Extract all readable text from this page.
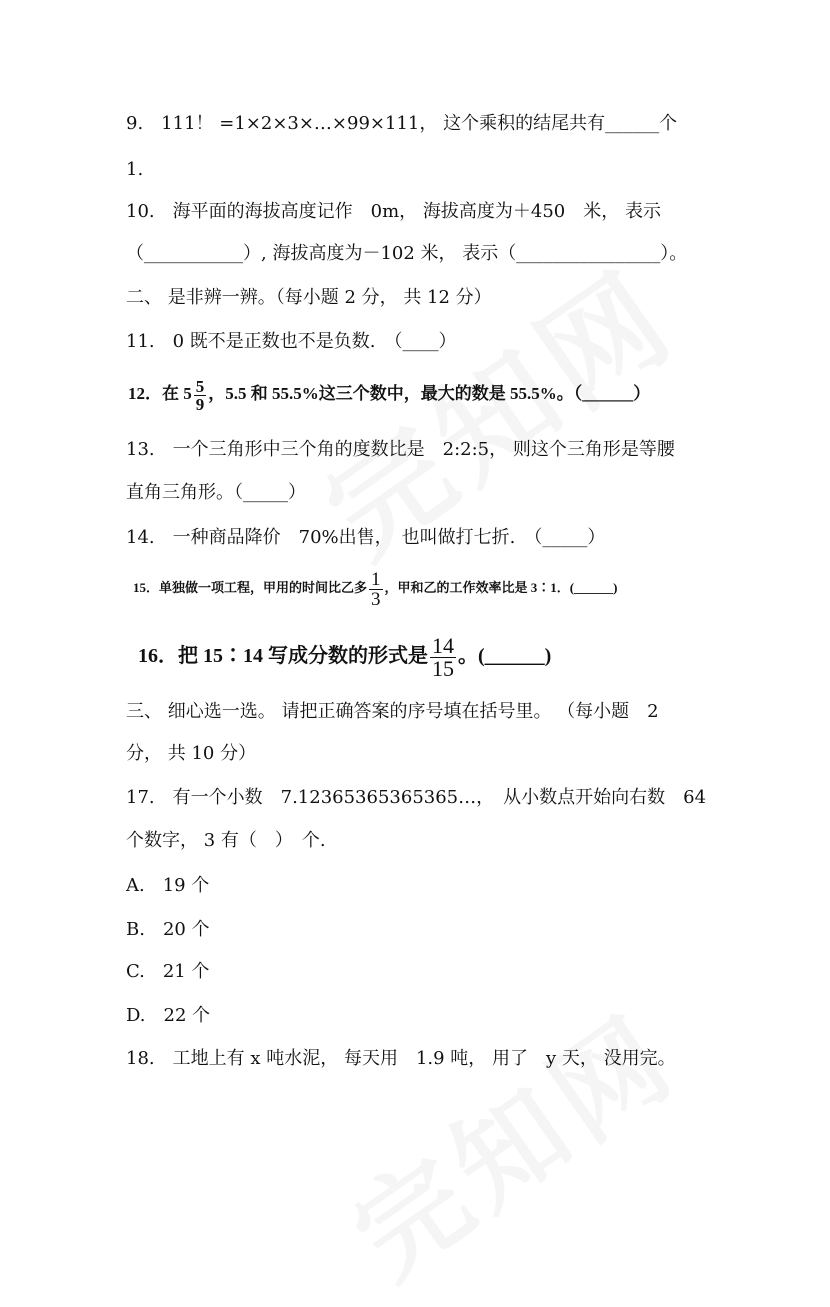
9.　111！ =1×2×3×…×99×111， 这个乘积的结尾共有______个
1.
10.　海平面的海拔高度记作　0m， 海拔高度为＋450　米， 表示
（___________）, 海拔高度为－102 米， 表示（________________）。
二、 是非辨一辨。（每小题 2 分， 共 12 分）
11.　0 既不是正数也不是负数.　（____）
12．在 $5 \frac{5}{9}$ ，5.5 和 55.5%这三个数中，最大的数是 55.5%。（______）
13.　一个三角形中三个角的度数比是　2:2:5， 则这个三角形是等腰
直角三角形。（_____）
14.　一种商品降价　70%出售，　也叫做打七折.　（_____）
15．单独做一项工程，甲用的时间比乙多 $\frac{1}{3}$ ，甲和乙的工作效率比是 3∶1．(______)
16．把 15∶14 写成分数的形式是 $\frac{14}{15}$ 。(______)
三、 细心选一选。 请把正确答案的序号填在括号里。 （每小题　2
分， 共 10 分）
17.　有一个小数　7.12365365365365…，　从小数点开始向右数　64
个数字， 3 有（　）　个.
A.　19 个
B.　20 个
C.　21 个
D.　22 个
18.　工地上有 x 吨水泥， 每天用　1.9 吨， 用了　y 天， 没用完。
